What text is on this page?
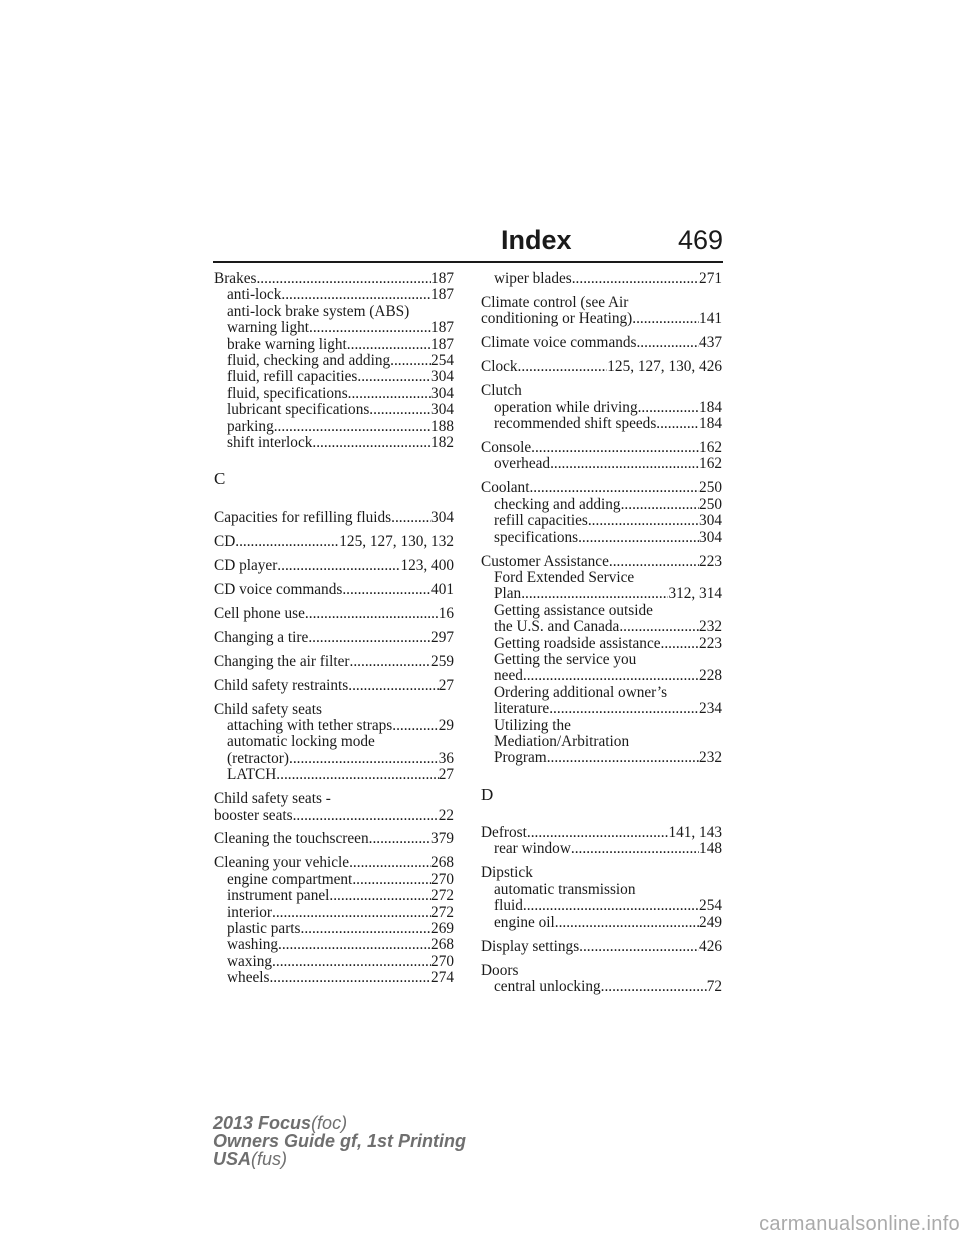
Index	469
Brakes .....	187
anti-lock .....	187
anti-lock brake system (ABS)
warning light .....	187
brake warning light .....	187
fluid, checking and adding .....	254
fluid, refill capacities .....	304
fluid, specifications .....	304
lubricant specifications .....	304
parking .....	188
shift interlock .....	182
C
Capacities for refilling fluids .....	304
CD .....	125, 127, 130, 132
CD player .....	123, 400
CD voice commands .....	401
Cell phone use .....	16
Changing a tire .....	297
Changing the air filter .....	259
Child safety restraints .....	27
Child safety seats
attaching with tether straps .....	29
automatic locking mode
(retractor) .....	36
LATCH .....	27
Child safety seats -
booster seats .....	22
Cleaning the touchscreen .....	379
Cleaning your vehicle .....	268
engine compartment .....	270
instrument panel .....	272
interior .....	272
plastic parts .....	269
washing .....	268
waxing .....	270
wheels .....	274
wiper blades .....	271
Climate control (see Air
conditioning or Heating) .....	141
Climate voice commands .....	437
Clock .....	125, 127, 130, 426
Clutch
operation while driving .....	184
recommended shift speeds .....	184
Console .....	162
overhead .....	162
Coolant .....	250
checking and adding .....	250
refill capacities .....	304
specifications .....	304
Customer Assistance .....	223
Ford Extended Service
Plan .....	312, 314
Getting assistance outside
the U.S. and Canada .....	232
Getting roadside assistance .....	223
Getting the service you
need .....	228
Ordering additional owner’s
literature .....	234
Utilizing the
Mediation/Arbitration
Program .....	232
D
Defrost .....	141, 143
rear window .....	148
Dipstick
automatic transmission
fluid .....	254
engine oil .....	249
Display settings .....	426
Doors
central unlocking .....	72
2013 Focus(foc)
Owners Guide gf, 1st Printing
USA(fus)
carmanualsonline.info
